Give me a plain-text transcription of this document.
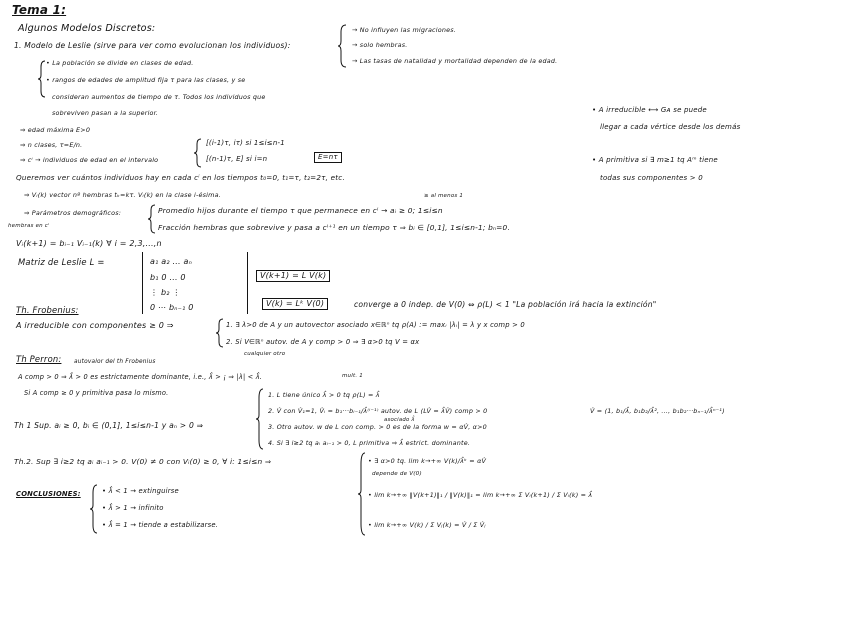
Tema 1:
Algunos Modelos Discretos:
1. Modelo de Leslie (sirve para ver como evolucionan los individuos):
→ No influyen las migraciones.
→ solo hembras.
→ Las tasas de natalidad y mortalidad dependen de la edad.
• La población se divide en clases de edad.
• rangos de edades de amplitud fija τ para las clases, y se
consideran aumentos de tiempo de τ. Todos los individuos que
sobreviven pasan a la superior.	• A irreducible ⟷ Gᴀ se puede
llegar a cada vértice desde los demás
• A primitiva si ∃ m≥1 tq Aᵐ tiene
todas sus componentes > 0
⇒ edad máxima E>0
⇒ n clases, τ=E/n.
⇒ cⁱ → individuos de edad en el intervalo
[(i-1)τ, iτ) si 1≤i≤n-1
[(n-1)τ, E] si i=n	E=nτ
Queremos ver cuántos individuos hay en cada cⁱ en los tiempos t₀=0, t₁=τ, t₂=2τ, etc.
⇒ Vᵢ(k) vector nº hembras tₖ=kτ. Vᵢ(k) en la clase i-ésima.	≥ al menos 1
⇒ Parámetros demográficos:	Promedio hijos durante el tiempo τ que permanece en cⁱ → aᵢ ≥ 0; 1≤i≤n
Fracción hembras que sobrevive y pasa a cⁱ⁺¹ en un tiempo τ ⇒ bᵢ ∈ [0,1], 1≤i≤n-1; bₙ=0.
hembras en cⁱ
Vᵢ(k+1) = bᵢ₋₁ Vᵢ₋₁(k) ∀ i = 2,3,...,n
Matriz de Leslie L =	a₁ a₂ ... aₙ
b₁ 0 ... 0
⋮ b₂ ⋮
0 ⋯ bₙ₋₁ 0
V(k+1) = L V(k)
V(k) = Lᵏ V(0)	converge a 0 indep. de V(0) ⇔ ρ(L) < 1 "La población irá hacia la extinción"
Th. Frobenius:
A irreducible con componentes ≥ 0 ⇒	1. ∃ λ>0 de A y un autovector asociado x∈ℝⁿ tq ρ(A) := maxᵢ |λᵢ| = λ y x comp > 0
2. Si V∈ℝⁿ autov. de A y comp > 0 ⇒ ∃ α>0 tq V = αx
cualquier otro
Th Perron: autovalor del th Frobenius
A comp > 0 ⇒ λ̂ > 0 es estrictamente dominante, i.e., λ̂ > ¡ ⇒ |λ| < λ̂.
Si A comp ≥ 0 y primitiva pasa lo mismo.
mult. 1
Th 1 Sup. aᵢ ≥ 0, bᵢ ∈ (0,1], 1≤i≤n-1 y aₙ > 0 ⇒
1. L tiene único λ̂ > 0 tq ρ(L) = λ̂
2. V̂ con V̂₁=1, V̂ᵢ = b₁···bᵢ₋₁/λ̂⁽ⁱ⁻¹⁾ autov. de L (LV̂ = λ̂V̂) comp > 0
asociado λ̂
3. Otro autov. w de L con comp. > 0 es de la forma w = αV̂, α>0
4. Si ∃ i≥2 tq aᵢ aᵢ₋₁ > 0, L primitiva ⇒ λ̂ estrict. dominante.
V̂ = (1, b₁/λ̂, b₁b₂/λ̂², ..., b₁b₂···bₙ₋₁/λ̂ⁿ⁻¹)
Th.2. Sup ∃ i≥2 tq aᵢ aᵢ₋₁ > 0. V(0) ≠ 0 con Vᵢ(0) ≥ 0, ∀ i: 1≤i≤n ⇒	• ∃ α>0 tq. lim k→+∞ V(k)/λ̂ᵏ = αV̂
depende de V(0)
• lim k→+∞ ‖V(k+1)‖₁ / ‖V(k)‖₁ = lim k→+∞ Σ Vᵢ(k+1) / Σ Vᵢ(k) = λ̂
• lim k→+∞ V(k) / Σ Vⱼ(k) = V̂ / Σ V̂ⱼ
CONCLUSIONES:	• λ̂ < 1 → extinguirse
• λ̂ > 1 → infinito
• λ̂ = 1 → tiende a estabilizarse.
